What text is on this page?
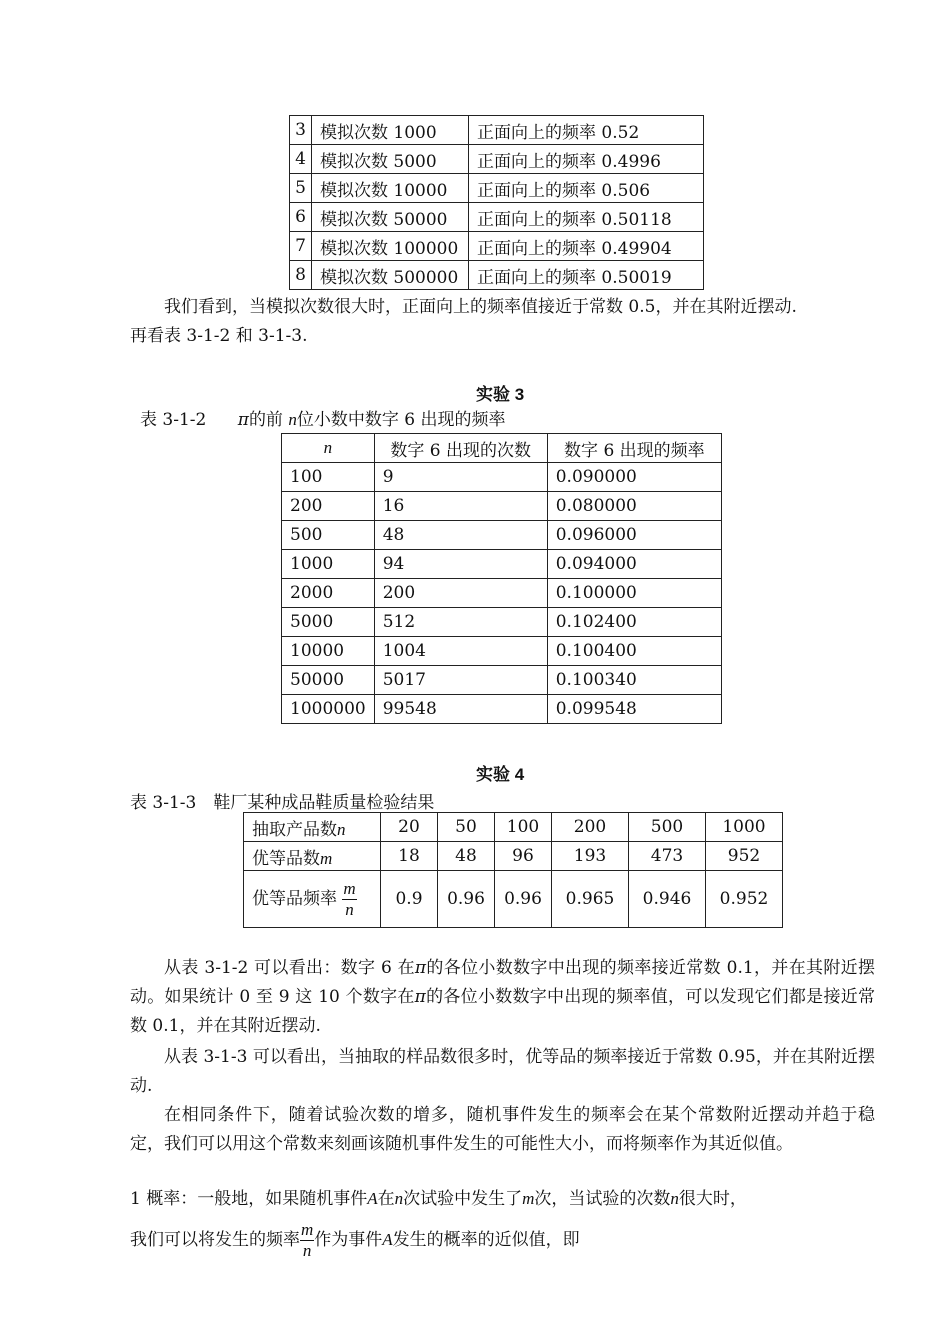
3	模拟次数 1000	正面向上的频率 0.52
4	模拟次数 5000	正面向上的频率 0.4996
5	模拟次数 10000	正面向上的频率 0.506
6	模拟次数 50000	正面向上的频率 0.50118
7	模拟次数 100000	正面向上的频率 0.49904
8	模拟次数 500000	正面向上的频率 0.50019
我们看到，当模拟次数很大时，正面向上的频率值接近于常数 0.5，并在其附近摆动.
再看表 3-1-2 和 3-1-3.
实验 3
表 3-1-2 π的前 n位小数中数字 6 出现的频率
n	数字 6 出现的次数	数字 6 出现的频率
100	9	0.090000
200	16	0.080000
500	48	0.096000
1000	94	0.094000
2000	200	0.100000
5000	512	0.102400
10000	1004	0.100400
50000	5017	0.100340
1000000	99548	0.099548
实验 4
表 3-1-3　鞋厂某种成品鞋质量检验结果
抽取产品数n	20	50	100	200	500	1000
优等品数m	18	48	96	193	473	952
优等品频率 $\frac{m}{n}$	0.9	0.96	0.96	0.965	0.946	0.952
从表 3-1-2 可以看出：数字 6 在π的各位小数数字中出现的频率接近常数 0.1，并在其附近摆动。如果统计 0 至 9 这 10 个数字在π的各位小数数字中出现的频率值，可以发现它们都是接近常数 0.1，并在其附近摆动.
从表 3-1-3 可以看出，当抽取的样品数很多时，优等品的频率接近于常数 0.95，并在其附近摆动.
在相同条件下，随着试验次数的增多，随机事件发生的频率会在某个常数附近摆动并趋于稳定，我们可以用这个常数来刻画该随机事件发生的可能性大小，而将频率作为其近似值。
1 概率：一般地，如果随机事件A在n次试验中发生了m次，当试验的次数n很大时，
我们可以将发生的频率 $\frac{m}{n}$ 作为事件A发生的概率的近似值，即
